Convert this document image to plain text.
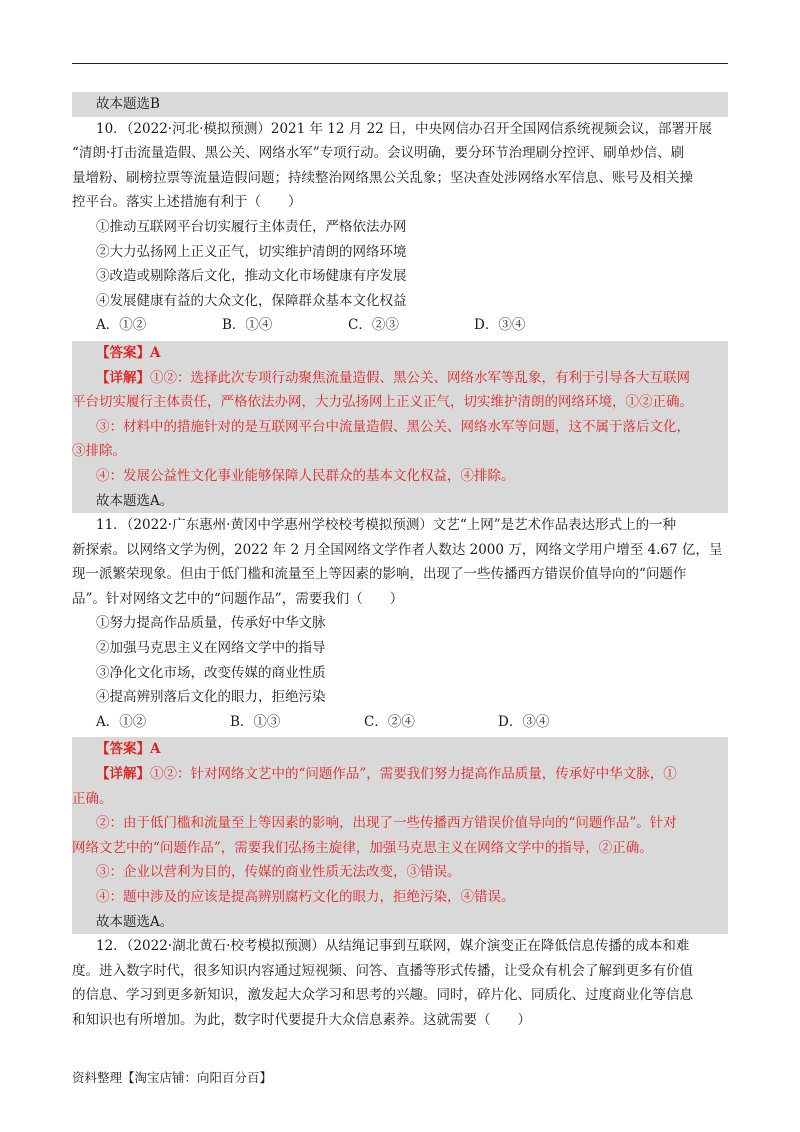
故本题选B
10．（2022·河北·模拟预测）2021 年 12 月 22 日，中央网信办召开全国网信系统视频会议，部署开展
“清朗·打击流量造假、黑公关、网络水军”专项行动。会议明确，要分环节治理刷分控评、刷单炒信、刷
量增粉、刷榜拉票等流量造假问题；持续整治网络黑公关乱象；坚决查处涉网络水军信息、账号及相关操
控平台。落实上述措施有利于（　　）
①推动互联网平台切实履行主体责任，严格依法办网
②大力弘扬网上正义正气，切实维护清朗的网络环境
③改造或剔除落后文化，推动文化市场健康有序发展
④发展健康有益的大众文化，保障群众基本文化权益
A．①②	B．①④	C．②③	D．③④
【答案】A
【详解】①②：选择此次专项行动聚焦流量造假、黑公关、网络水军等乱象，有利于引导各大互联网
平台切实履行主体责任，严格依法办网，大力弘扬网上正义正气，切实维护清朗的网络环境，①②正确。
③：材料中的措施针对的是互联网平台中流量造假、黑公关、网络水军等问题，这不属于落后文化，
③排除。
④：发展公益性文化事业能够保障人民群众的基本文化权益，④排除。
故本题选A。
11．（2022·广东惠州·黄冈中学惠州学校校考模拟预测）文艺“上网”是艺术作品表达形式上的一种
新探索。以网络文学为例，2022 年 2 月全国网络文学作者人数达 2000 万，网络文学用户增至 4.67 亿，呈
现一派繁荣现象。但由于低门槛和流量至上等因素的影响，出现了一些传播西方错误价值导向的“问题作
品”。针对网络文艺中的“问题作品”，需要我们（　　）
①努力提高作品质量，传承好中华文脉
②加强马克思主义在网络文学中的指导
③净化文化市场，改变传媒的商业性质
④提高辨别落后文化的眼力，拒绝污染
A．①②	B．①③	C．②④	D．③④
【答案】A
【详解】①②：针对网络文艺中的“问题作品”，需要我们努力提高作品质量，传承好中华文脉，①
正确。
②：由于低门槛和流量至上等因素的影响，出现了一些传播西方错误价值导向的“问题作品”。针对
网络文艺中的“问题作品”，需要我们弘扬主旋律，加强马克思主义在网络文学中的指导，②正确。
③：企业以营利为目的，传媒的商业性质无法改变，③错误。
④：题中涉及的应该是提高辨别腐朽文化的眼力，拒绝污染，④错误。
故本题选A。
12．（2022·湖北黄石·校考模拟预测）从结绳记事到互联网，媒介演变正在降低信息传播的成本和难
度。进入数字时代，很多知识内容通过短视频、问答、直播等形式传播，让受众有机会了解到更多有价值
的信息、学习到更多新知识，激发起大众学习和思考的兴趣。同时，碎片化、同质化、过度商业化等信息
和知识也有所增加。为此，数字时代要提升大众信息素养。这就需要（　　）
资料整理【淘宝店铺：向阳百分百】
